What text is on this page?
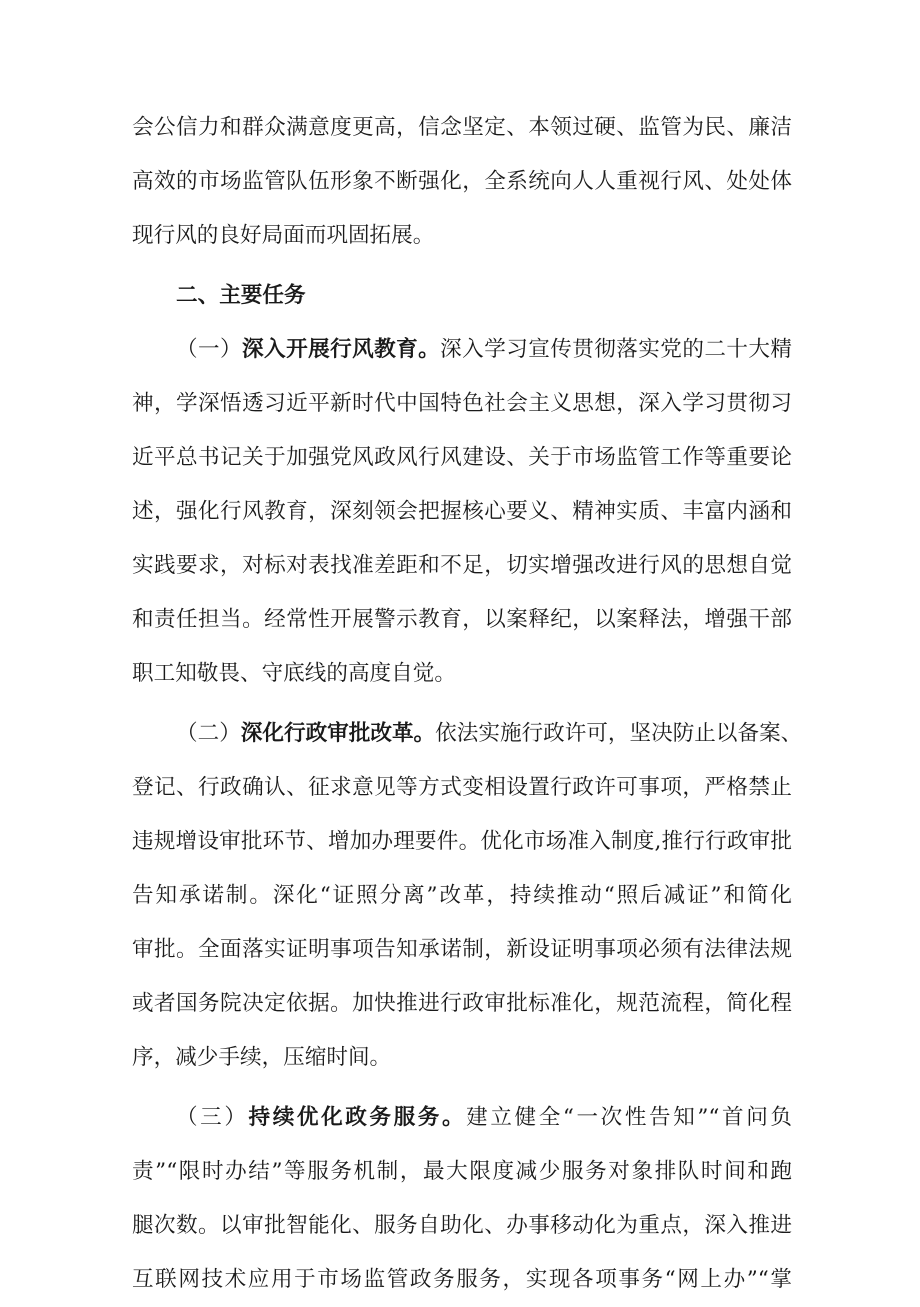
会公信力和群众满意度更高，信念坚定、本领过硬、监管为民、廉洁
高效的市场监管队伍形象不断强化，全系统向人人重视行风、处处体
现行风的良好局面而巩固拓展。
二、主要任务
（一）深入开展行风教育。深入学习宣传贯彻落实党的二十大精
神，学深悟透习近平新时代中国特色社会主义思想，深入学习贯彻习
近平总书记关于加强党风政风行风建设、关于市场监管工作等重要论
述，强化行风教育，深刻领会把握核心要义、精神实质、丰富内涵和
实践要求，对标对表找准差距和不足，切实增强改进行风的思想自觉
和责任担当。经常性开展警示教育，以案释纪，以案释法，增强干部
职工知敬畏、守底线的高度自觉。
（二）深化行政审批改革。依法实施行政许可，坚决防止以备案、
登记、行政确认、征求意见等方式变相设置行政许可事项，严格禁止
违规增设审批环节、增加办理要件。优化市场准入制度,推行行政审批
告知承诺制。深化“证照分离”改革，持续推动“照后减证”和简化
审批。全面落实证明事项告知承诺制，新设证明事项必须有法律法规
或者国务院决定依据。加快推进行政审批标准化，规范流程，简化程
序，减少手续，压缩时间。
（三）持续优化政务服务。建立健全“一次性告知”“首问负
责”“限时办结”等服务机制，最大限度减少服务对象排队时间和跑
腿次数。以审批智能化、服务自助化、办事移动化为重点，深入推进
互联网技术应用于市场监管政务服务，实现各项事务“网上办”“掌
